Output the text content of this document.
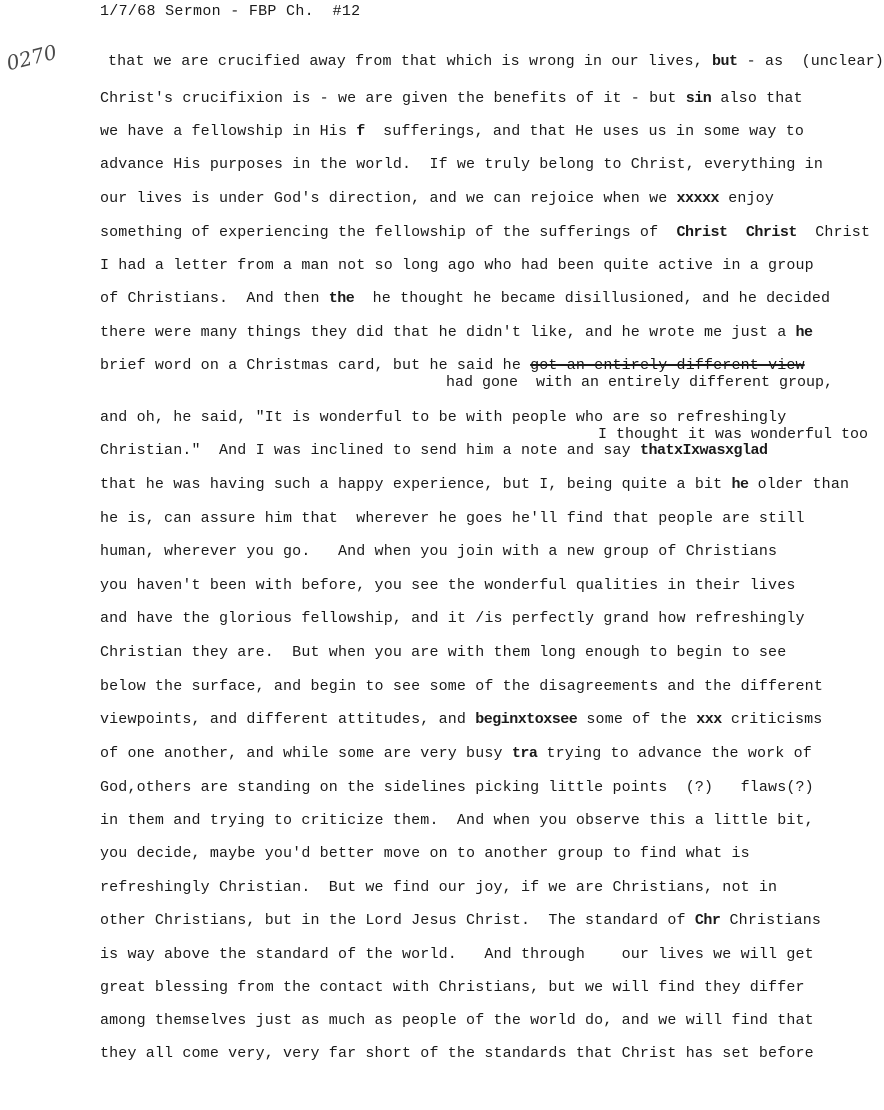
1/7/68 Sermon - FBP Ch.  #12
0270	that we are crucified away from that which is wrong in our lives, but - as  (unclear)
Christ's crucifixion is - we are given the benefits of it - but sin also that
we have a fellowship in His f  sufferings, and that He uses us in some way to
advance His purposes in the world.  If we truly belong to Christ, everything in
our lives is under God's direction, and we can rejoice when we xxxxx enjoy
something of experiencing the fellowship of the sufferings of  Christ Christ  Christ
I had a letter from a man not so long ago who had been quite active in a group
of Christians.  And then the  he thought he became disillusioned, and he decided
there were many things they did that he didn't like, and he wrote me just a he
brief word on a Christmas card, but he said he got-an-entirely-different-view
and oh, he said, "It is wonderful to be with people who are so refreshingly
Christian."  And I was inclined to send him a note and say thatxIxwasxglad
that he was having such a happy experience, but I, being quite a bit he older than
he is, can assure him that  wherever he goes he'll find that people are still
human, wherever you go.   And when you join with a new group of Christians
you haven't been with before, you see the wonderful qualities in their lives
and have the glorious fellowship, and it /is perfectly grand how refreshingly
Christian they are.  But when you are with them long enough to begin to see
below the surface, and begin to see some of the disagreements and the different
viewpoints, and different attitudes, and beginxtoxsee some of the xxx criticisms
of one another, and while some are very busy tra trying to advance the work of
God,others are standing on the sidelines picking little points  (?)   flaws(?)
in them and trying to criticize them.  And when you observe this a little bit,
you decide, maybe you'd better move on to another group to find what is
refreshingly Christian.  But we find our joy, if we are Christians, not in
other Christians, but in the Lord Jesus Christ.  The standard of Chr Christians
is way above the standard of the world.   And through    our lives we will get
great blessing from the contact with Christians, but we will find they differ
among themselves just as much as people of the world do, and we will find that
they all come very, very far short of the standards that Christ has set before
had gone  with an entirely different group,
I thought it was wonderful too
